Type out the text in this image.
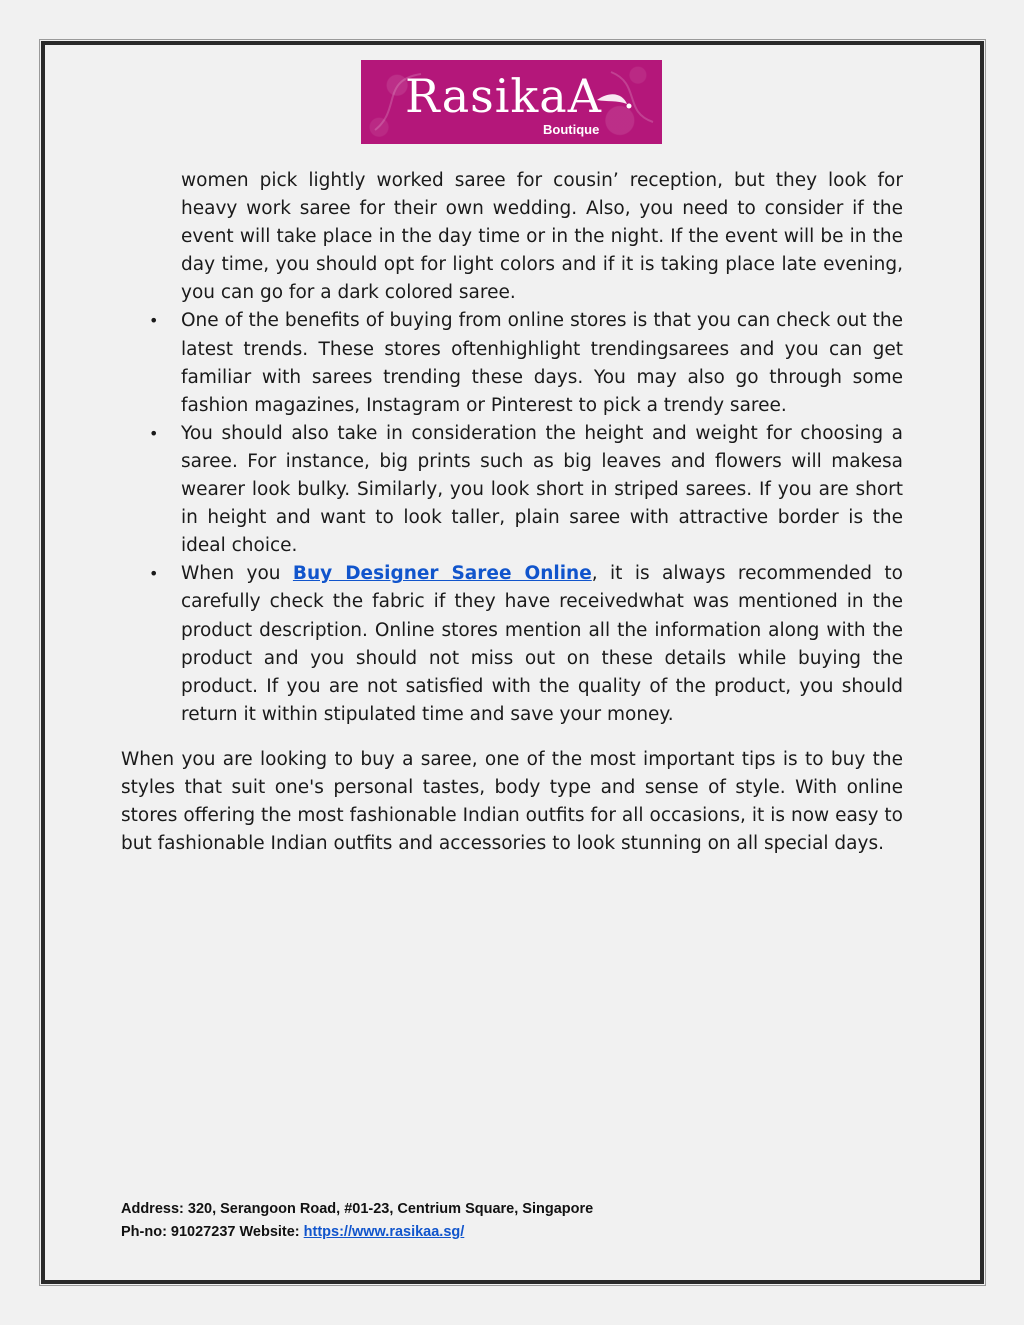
RasikaA
Boutique
women pick lightly worked saree for cousin’ reception, but they look for heavy work saree for their own wedding. Also, you need to consider if the event will take place in the day time or in the night. If the event will be in the day time, you should opt for light colors and if it is taking place late evening, you can go for a dark colored saree.
• One of the benefits of buying from online stores is that you can check out the latest trends. These stores oftenhighlight trendingsarees and you can get familiar with sarees trending these days. You may also go through some fashion magazines, Instagram or Pinterest to pick a trendy saree.
• You should also take in consideration the height and weight for choosing a saree. For instance, big prints such as big leaves and flowers will makesa wearer look bulky. Similarly, you look short in striped sarees. If you are short in height and want to look taller, plain saree with attractive border is the ideal choice.
• When you Buy Designer Saree Online, it is always recommended to carefully check the fabric if they have receivedwhat was mentioned in the product description. Online stores mention all the information along with the product and you should not miss out on these details while buying the product. If you are not satisfied with the quality of the product, you should return it within stipulated time and save your money.

When you are looking to buy a saree, one of the most important tips is to buy the styles that suit one's personal tastes, body type and sense of style. With online stores offering the most fashionable Indian outfits for all occasions, it is now easy to but fashionable Indian outfits and accessories to look stunning on all special days.

Address: 320, Serangoon Road, #01-23, Centrium Square, Singapore
Ph-no: 91027237 Website: https://www.rasikaa.sg/
